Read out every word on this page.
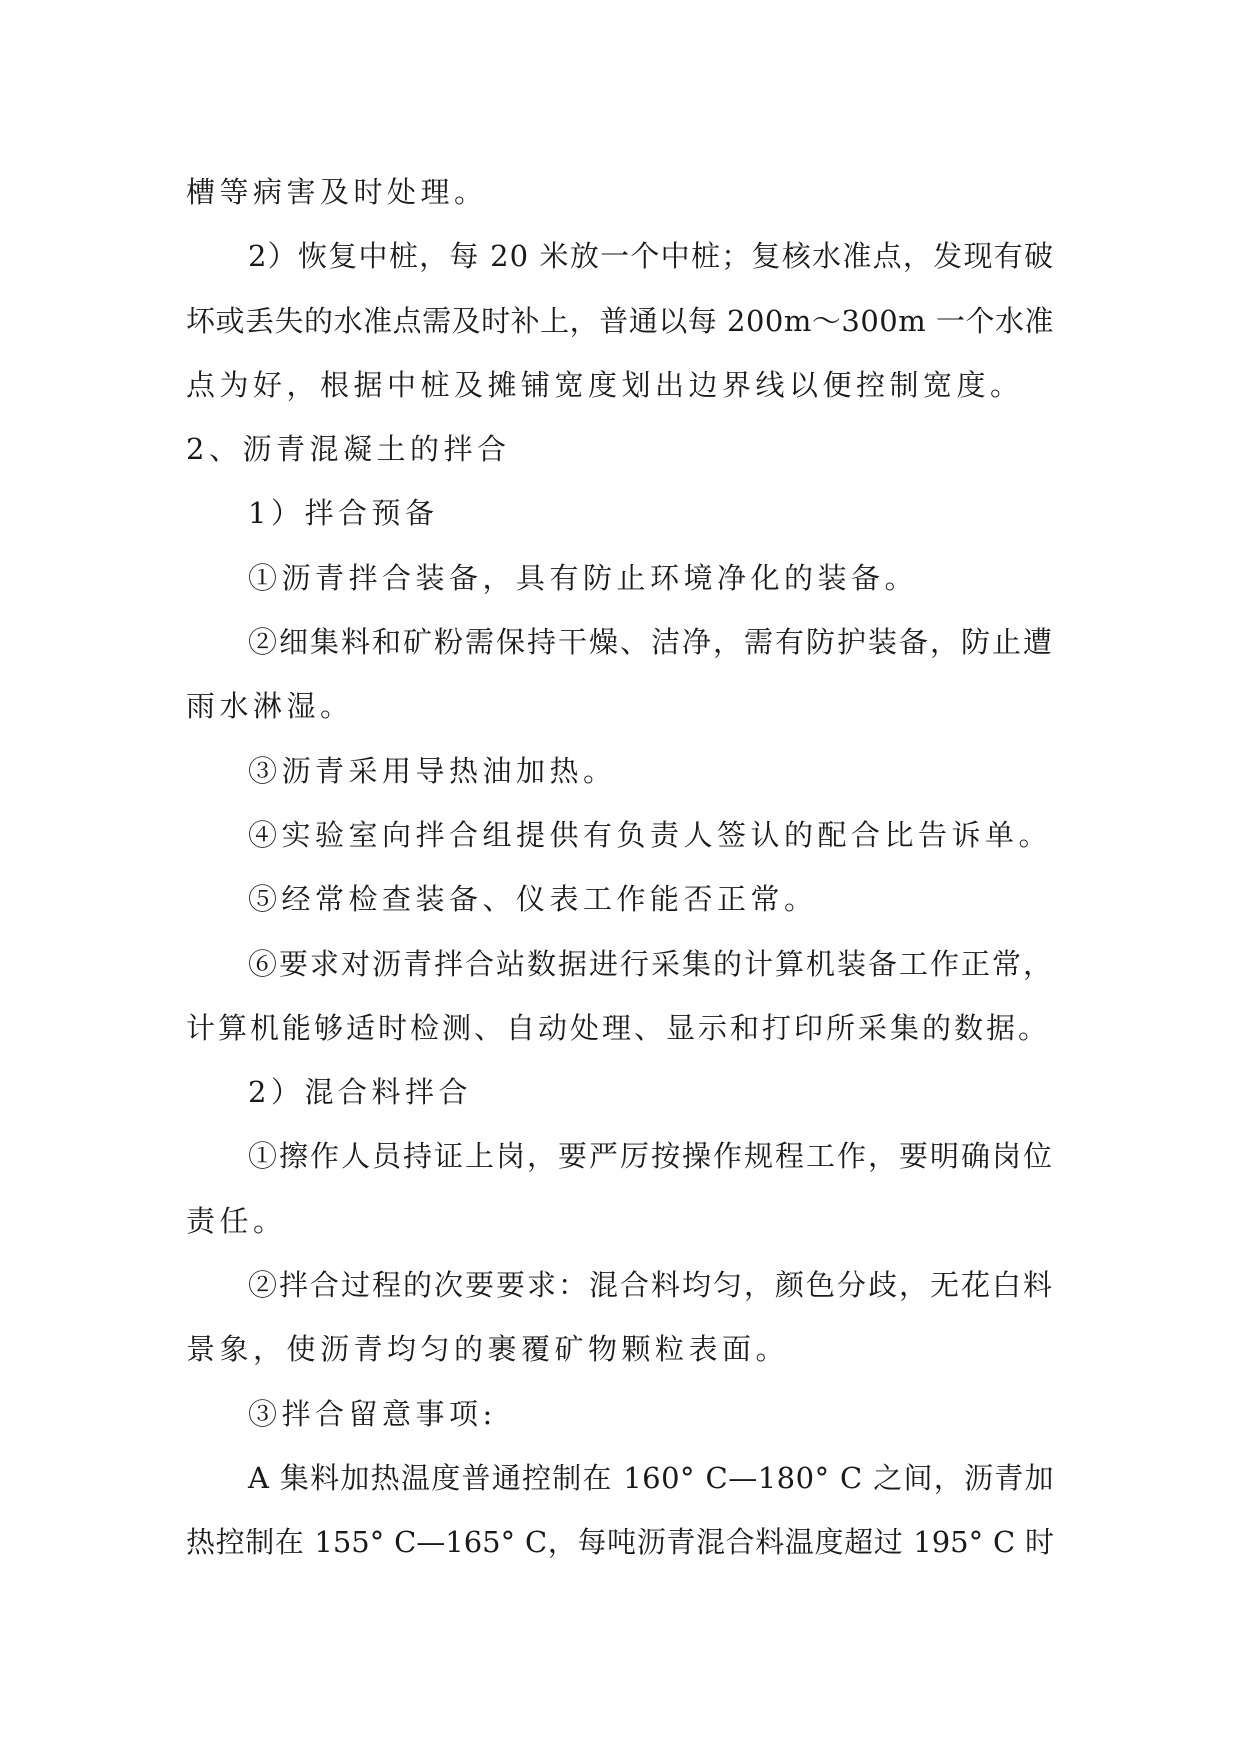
槽等病害及时处理。
2）恢复中桩，每 20 米放一个中桩；复核水准点，发现有破
坏或丢失的水准点需及时补上，普通以每 200m～300m 一个水准
点为好，根据中桩及摊铺宽度划出边界线以便控制宽度。
2、沥青混凝土的拌合
1）拌合预备
①沥青拌合装备，具有防止环境净化的装备。
②细集料和矿粉需保持干燥、洁净，需有防护装备，防止遭
雨水淋湿。
③沥青采用导热油加热。
④实验室向拌合组提供有负责人签认的配合比告诉单。
⑤经常检查装备、仪表工作能否正常。
⑥要求对沥青拌合站数据进行采集的计算机装备工作正常，
计算机能够适时检测、自动处理、显示和打印所采集的数据。
2）混合料拌合
①擦作人员持证上岗，要严厉按操作规程工作，要明确岗位
责任。
②拌合过程的次要要求：混合料均匀，颜色分歧，无花白料
景象，使沥青均匀的裹覆矿物颗粒表面。
③拌合留意事项:
A 集料加热温度普通控制在 160° C—180° C 之间，沥青加
热控制在 155° C—165° C，每吨沥青混合料温度超过 195° C 时
